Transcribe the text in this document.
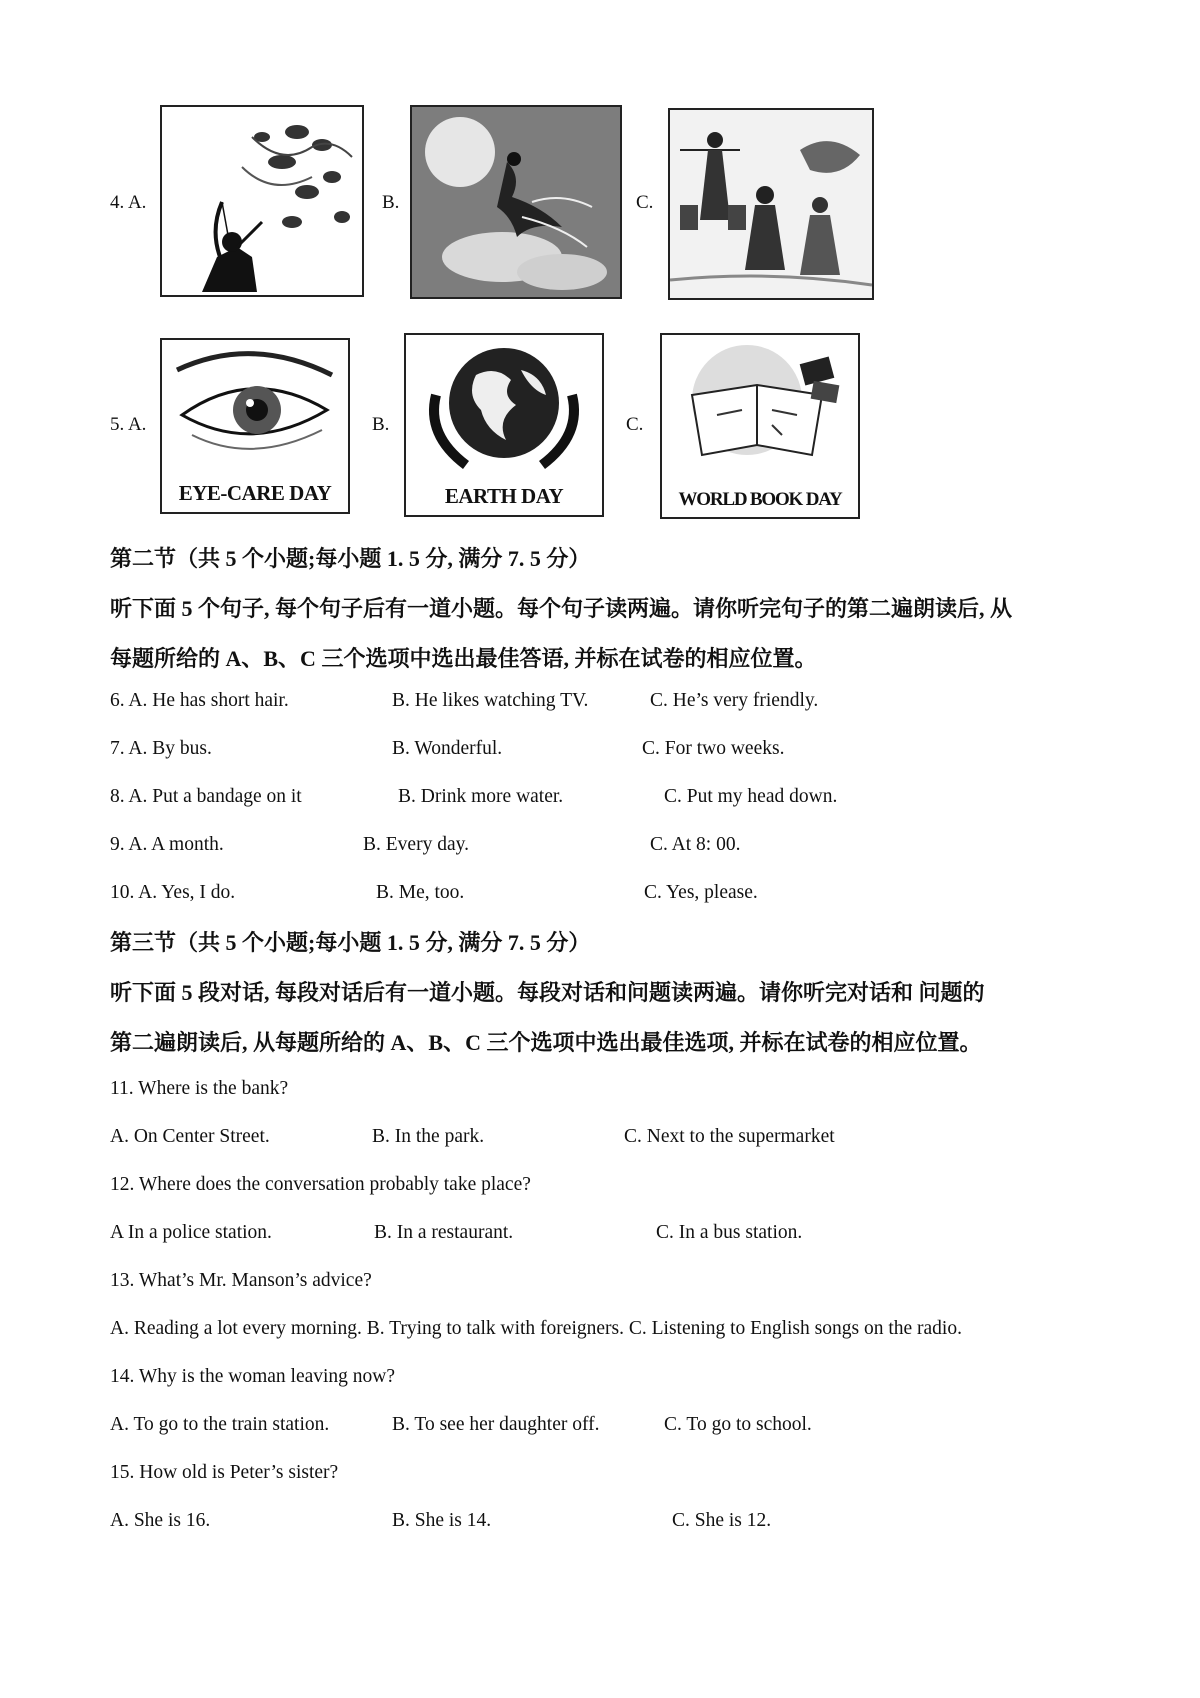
4. A.	B.	C.
5. A.
EYE-CARE DAY
B.
EARTH DAY
C.
WORLD BOOK DAY
第二节（共 5 个小题;每小题 1. 5 分, 满分 7. 5 分）
听下面 5 个句子, 每个句子后有一道小题。每个句子读两遍。请你听完句子的第二遍朗读后, 从
每题所给的 A、B、C 三个选项中选出最佳答语, 并标在试卷的相应位置。
6. A. He has short hair.	B. He likes watching TV.	C. He’s very friendly.
7. A. By bus.	B. Wonderful.	C. For two weeks.
8. A. Put a bandage on it	B. Drink more water.	C. Put my head down.
9. A. A month.	B. Every day.	C. At 8: 00.
10. A. Yes, I do.	B. Me, too.	C. Yes, please.
第三节（共 5 个小题;每小题 1. 5 分, 满分 7. 5 分）
听下面 5 段对话, 每段对话后有一道小题。每段对话和问题读两遍。请你听完对话和 问题的
第二遍朗读后, 从每题所给的 A、B、C 三个选项中选出最佳选项, 并标在试卷的相应位置。
11. Where is the bank?
A. On Center Street.	B. In the park.	C. Next to the supermarket
12. Where does the conversation probably take place?
A In a police station.	B. In a restaurant.	C. In a bus station.
13. What’s Mr. Manson’s advice?
A. Reading a lot every morning. B. Trying to talk with foreigners. C. Listening to English songs on the radio.
14. Why is the woman leaving now?
A. To go to the train station.	B. To see her daughter off.	C. To go to school.
15. How old is Peter’s sister?
A. She is 16.	B. She is 14.	C. She is 12.
